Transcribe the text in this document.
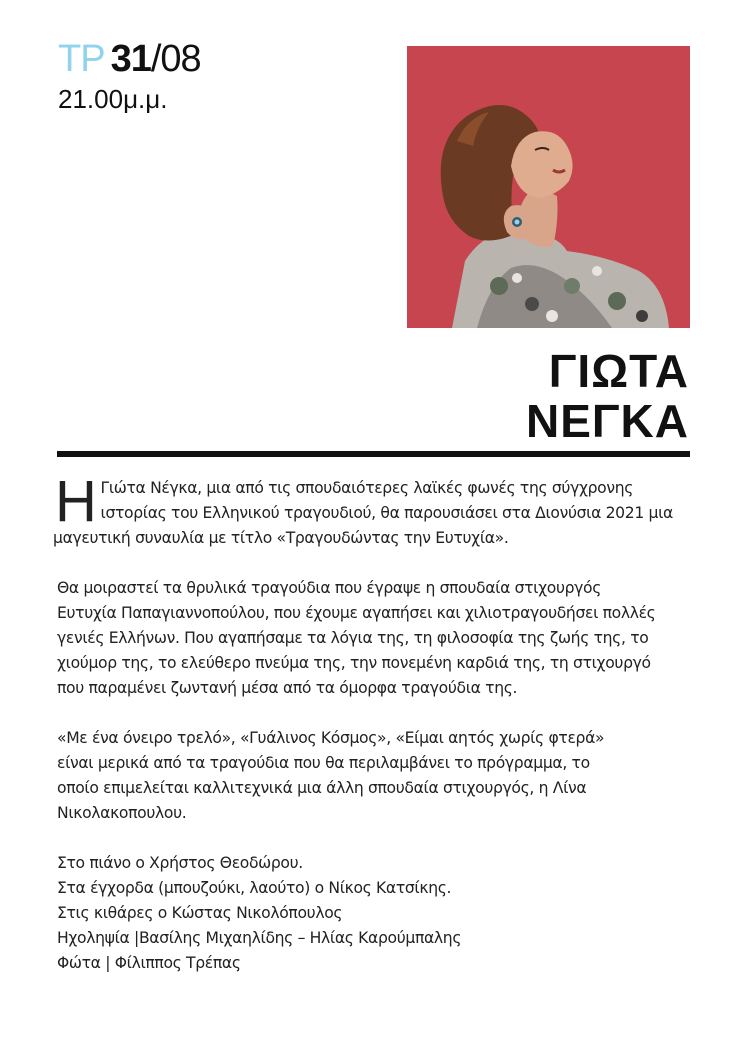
ΤΡ 31/08
21.00μ.μ.
ΓΙΩΤΑ
ΝΕΓΚΑ
Η Γιώτα Νέγκα, μια από τις σπουδαιότερες λαϊκές φωνές της σύγχρονης
ιστορίας του Ελληνικού τραγουδιού, θα παρουσιάσει στα Διονύσια 2021 μια
μαγευτική συναυλία με τίτλο «Τραγουδώντας την Ευτυχία».
Θα μοιραστεί τα θρυλικά τραγούδια που έγραψε η σπουδαία στιχουργός
Ευτυχία Παπαγιαννοπούλου, που έχουμε αγαπήσει και χιλιοτραγουδήσει πολλές
γενιές Ελλήνων. Που αγαπήσαμε τα λόγια της, τη φιλοσοφία της ζωής της, το
χιούμορ της, το ελεύθερο πνεύμα της, την πονεμένη καρδιά της, τη στιχουργό
που παραμένει ζωντανή μέσα από τα όμορφα τραγούδια της.
«Με ένα όνειρο τρελό», «Γυάλινος Κόσμος», «Είμαι αητός χωρίς φτερά»
είναι μερικά από τα τραγούδια που θα περιλαμβάνει το πρόγραμμα, το
οποίο επιμελείται καλλιτεχνικά μια άλλη σπουδαία στιχουργός, η Λίνα
Νικολακοπουλου.
Στο πιάνο ο Χρήστος Θεοδώρου.
Στα έγχορδα (μπουζούκι, λαούτο) ο Νίκος Κατσίκης.
Στις κιθάρες ο Κώστας Νικολόπουλος
Ηχοληψία |Βασίλης Μιχαηλίδης – Ηλίας Καρούμπαλης
Φώτα | Φίλιππος Τρέπας
